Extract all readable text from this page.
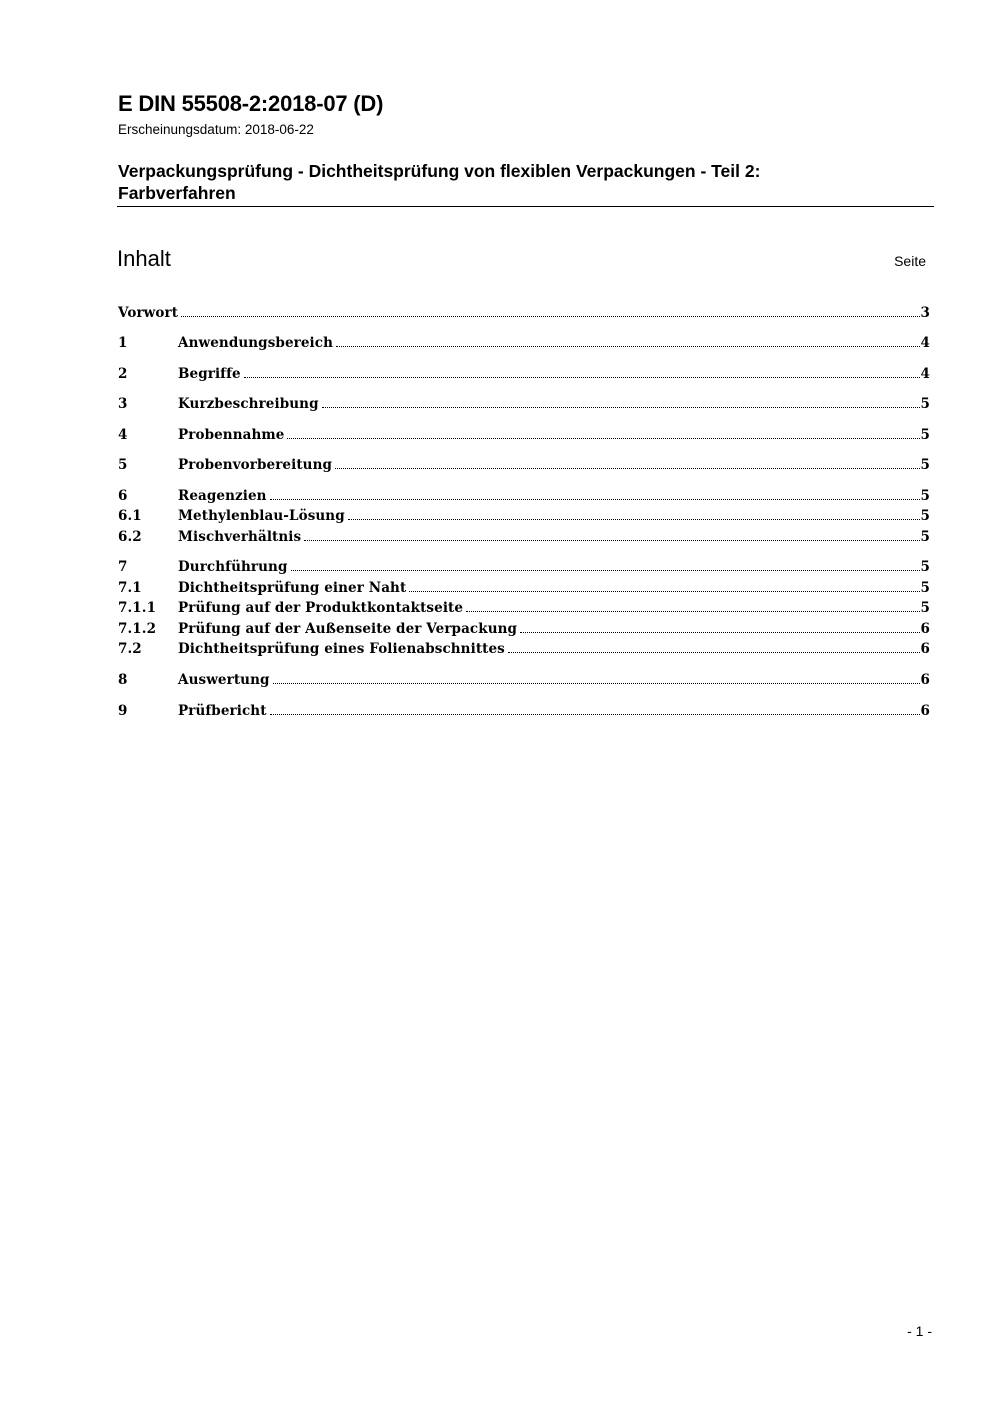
E DIN 55508-2:2018-07 (D)
Erscheinungsdatum: 2018-06-22
Verpackungsprüfung - Dichtheitsprüfung von flexiblen Verpackungen - Teil 2:
Farbverfahren
Inhalt	Seite
Vorwort	3
1	Anwendungsbereich	4
2	Begriffe	4
3	Kurzbeschreibung	5
4	Probennahme	5
5	Probenvorbereitung	5
6	Reagenzien	5
6.1	Methylenblau-Lösung	5
6.2	Mischverhältnis	5
7	Durchführung	5
7.1	Dichtheitsprüfung einer Naht	5
7.1.1	Prüfung auf der Produktkontaktseite	5
7.1.2	Prüfung auf der Außenseite der Verpackung	6
7.2	Dichtheitsprüfung eines Folienabschnittes	6
8	Auswertung	6
9	Prüfbericht	6
- 1 -
